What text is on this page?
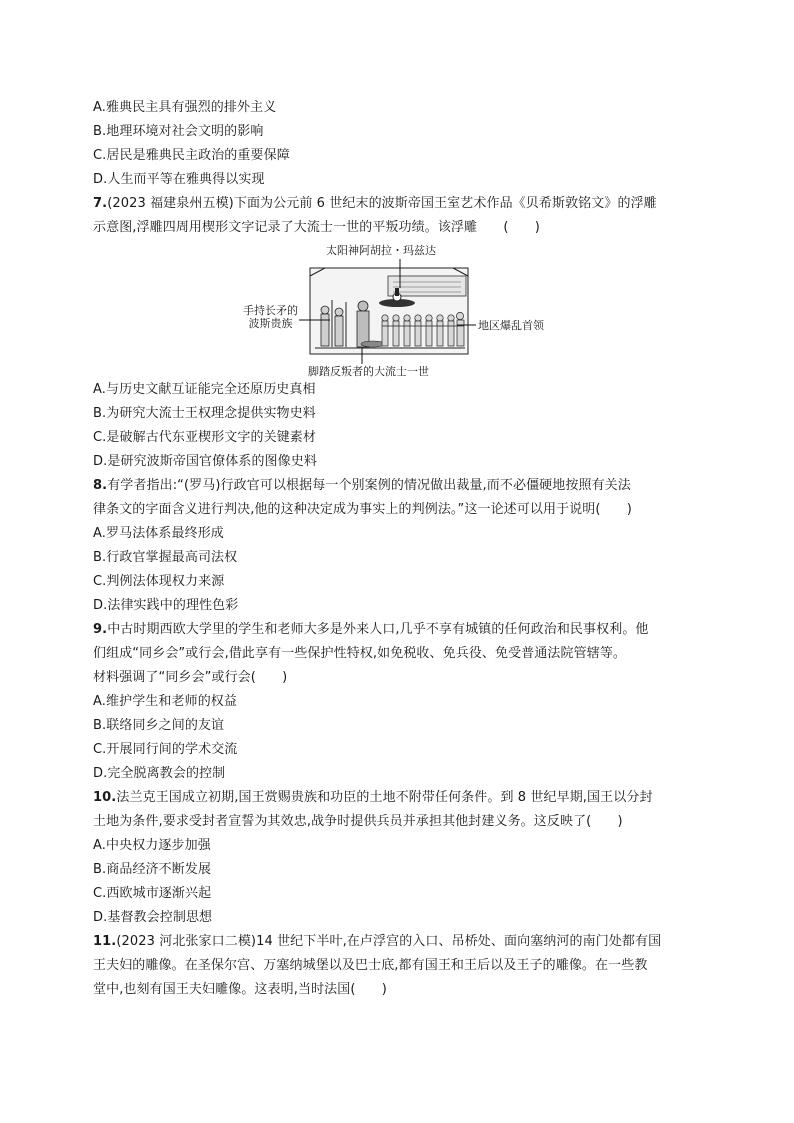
A.雅典民主具有强烈的排外主义
B.地理环境对社会文明的影响
C.居民是雅典民主政治的重要保障
D.人生而平等在雅典得以实现
7.(2023 福建泉州五模)下面为公元前 6 世纪末的波斯帝国王室艺术作品《贝希斯敦铭文》的浮雕
示意图,浮雕四周用楔形文字记录了大流士一世的平叛功绩。该浮雕　　(　　)
太阳神阿胡拉・玛兹达
手持长矛的
波斯贵族	地区爆乱首领
脚踏反叛者的大流士一世
A.与历史文献互证能完全还原历史真相
B.为研究大流士王权理念提供实物史料
C.是破解古代东亚楔形文字的关键素材
D.是研究波斯帝国官僚体系的图像史料
8.有学者指出:“(罗马)行政官可以根据每一个别案例的情况做出裁量,而不必僵硬地按照有关法
律条文的字面含义进行判决,他的这种决定成为事实上的判例法。”这一论述可以用于说明(　　)
A.罗马法体系最终形成
B.行政官掌握最高司法权
C.判例法体现权力来源
D.法律实践中的理性色彩
9.中古时期西欧大学里的学生和老师大多是外来人口,几乎不享有城镇的任何政治和民事权利。他
们组成“同乡会”或行会,借此享有一些保护性特权,如免税收、免兵役、免受普通法院管辖等。
材料强调了“同乡会”或行会(　　)
A.维护学生和老师的权益
B.联络同乡之间的友谊
C.开展同行间的学术交流
D.完全脱离教会的控制
10.法兰克王国成立初期,国王赏赐贵族和功臣的土地不附带任何条件。到 8 世纪早期,国王以分封
土地为条件,要求受封者宣誓为其效忠,战争时提供兵员并承担其他封建义务。这反映了(　　)
A.中央权力逐步加强
B.商品经济不断发展
C.西欧城市逐渐兴起
D.基督教会控制思想
11.(2023 河北张家口二模)14 世纪下半叶,在卢浮宫的入口、吊桥处、面向塞纳河的南门处都有国
王夫妇的雕像。在圣保尔宫、万塞纳城堡以及巴士底,都有国王和王后以及王子的雕像。在一些教
堂中,也刻有国王夫妇雕像。这表明,当时法国(　　)
